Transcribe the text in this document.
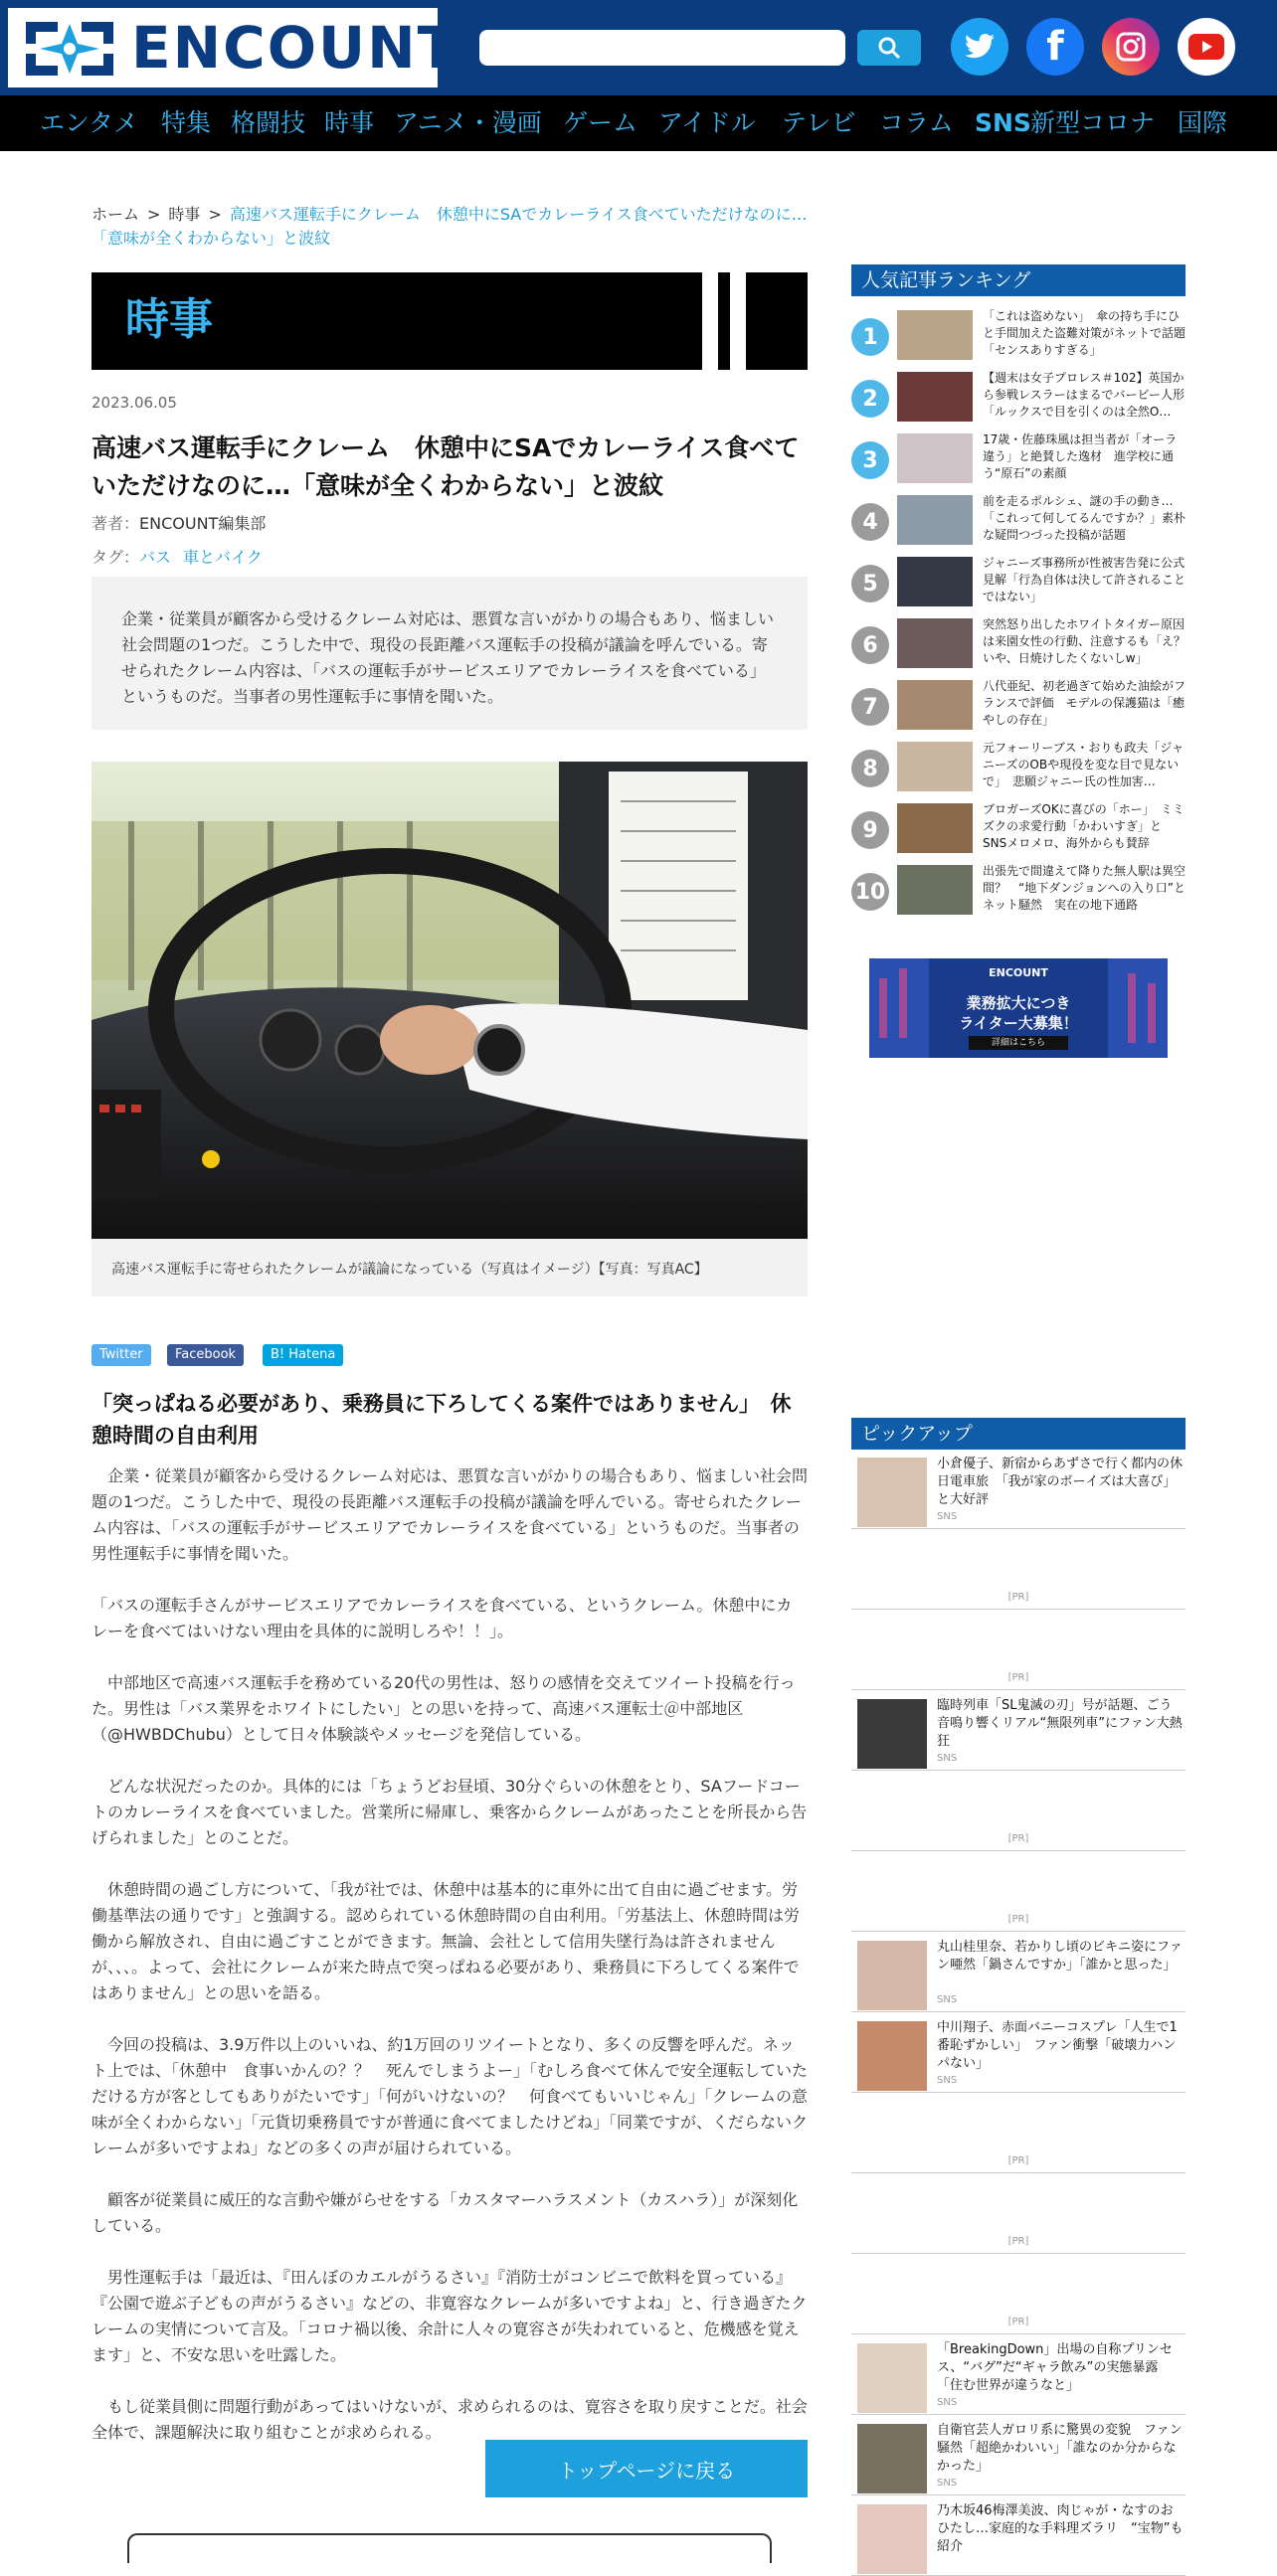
ENCOUNT	f
エンタメ 特集 格闘技 時事 アニメ・漫画 ゲーム アイドル テレビ コラム SNS 新型コロナ 国際
ホーム > 時事 > 高速バス運転手にクレーム　休憩中にSAでカレーライス食べていただけなのに…「意味が全くわからない」と波紋
時事
2023.06.05
高速バス運転手にクレーム　休憩中にSAでカレーライス食べていただけなのに…「意味が全くわからない」と波紋
著者：ENCOUNT編集部
タグ：バス 車とバイク
企業・従業員が顧客から受けるクレーム対応は、悪質な言いがかりの場合もあり、悩ましい社会問題の1つだ。こうした中で、現役の長距離バス運転手の投稿が議論を呼んでいる。寄せられたクレーム内容は、「バスの運転手がサービスエリアでカレーライスを食べている」というものだ。当事者の男性運転手に事情を聞いた。
高速バス運転手に寄せられたクレームが議論になっている（写真はイメージ）【写真：写真AC】
Twitter	Facebook	B! Hatena
「突っぱねる必要があり、乗務員に下ろしてくる案件ではありません」　休憩時間の自由利用

　企業・従業員が顧客から受けるクレーム対応は、悪質な言いがかりの場合もあり、悩ましい社会問題の1つだ。こうした中で、現役の長距離バス運転手の投稿が議論を呼んでいる。寄せられたクレーム内容は、「バスの運転手がサービスエリアでカレーライスを食べている」というものだ。当事者の男性運転手に事情を聞いた。

「バスの運転手さんがサービスエリアでカレーライスを食べている、というクレーム。休憩中にカレーを食べてはいけない理由を具体的に説明しろや！！」。

　中部地区で高速バス運転手を務めている20代の男性は、怒りの感情を交えてツイート投稿を行った。男性は「バス業界をホワイトにしたい」との思いを持って、高速バス運転士＠中部地区（@HWBDChubu）として日々体験談やメッセージを発信している。

　どんな状況だったのか。具体的には「ちょうどお昼頃、30分ぐらいの休憩をとり、SAフードコートのカレーライスを食べていました。営業所に帰庫し、乗客からクレームがあったことを所長から告げられました」とのことだ。

　休憩時間の過ごし方について、「我が社では、休憩中は基本的に車外に出て自由に過ごせます。労働基準法の通りです」と強調する。認められている休憩時間の自由利用。「労基法上、休憩時間は労働から解放され、自由に過ごすことができます。無論、会社として信用失墜行為は許されませんが、、、。よって、会社にクレームが来た時点で突っぱねる必要があり、乗務員に下ろしてくる案件ではありません」との思いを語る。

　今回の投稿は、3.9万件以上のいいね、約1万回のリツイートとなり、多くの反響を呼んだ。ネット上では、「休憩中　食事いかんの？？　死んでしまうよー」「むしろ食べて休んで安全運転していただける方が客としてもありがたいです」「何がいけないの？　何食べてもいいじゃん」「クレームの意味が全くわからない」「元貨切乗務員ですが普通に食べてましたけどね」「同業ですが、くだらないクレームが多いですよね」などの多くの声が届けられている。

　顧客が従業員に威圧的な言動や嫌がらせをする「カスタマーハラスメント（カスハラ）」が深刻化している。

　男性運転手は「最近は、『田んぼのカエルがうるさい』『消防士がコンビニで飲料を買っている』『公園で遊ぶ子どもの声がうるさい』などの、非寛容なクレームが多いですよね」と、行き過ぎたクレームの実情について言及。「コロナ禍以後、余計に人々の寛容さが失われていると、危機感を覚えます」と、不安な思いを吐露した。

　もし従業員側に問題行動があってはいけないが、求められるのは、寛容さを取り戻すことだ。社会全体で、課題解決に取り組むことが求められる。

トップページに戻る
人気記事ランキング
1
「これは盗めない」　傘の持ち手にひと手間加えた盗難対策がネットで話題「センスありすぎる」
2
【週末は女子プロレス＃102】英国から参戦レスラーはまるでバービー人形「ルックスで目を引くのは全然O…
3
17歳・佐藤珠風は担当者が「オーラ違う」と絶賛した逸材　進学校に通う“原石”の素顔
4
前を走るポルシェ、謎の手の動き…「これって何してるんですか？」素朴な疑問つづった投稿が話題
5
ジャニーズ事務所が性被害告発に公式見解「行為自体は決して許されることではない」
6
突然怒り出したホワイトタイガー原因は来園女性の行動、注意するも「え？いや、日焼けしたくないしw」
7
八代亜紀、初老過ぎて始めた油絵がフランスで評価　モデルの保護猫は「癒やしの存在」
8
元フォーリーブス・おりも政夫「ジャニーズのOBや現役を変な目で見ないで」　悲願ジャニー氏の性加害…
9
ブロガーズOKに喜びの「ホー」　ミミズクの求愛行動「かわいすぎ」とSNSメロメロ、海外からも賛辞
10
出張先で間違えて降りた無人駅は異空間？　“地下ダンジョンへの入り口”とネット騒然　実在の地下通路
ENCOUNT
業務拡大につき
ライター大募集！
詳細はこちら
ピックアップ
小倉優子、新宿からあずさで行く都内の休日電車旅　「我が家のボーイズは大喜び」と大好評
SNS
[PR]
[PR]
臨時列車「SL鬼滅の刃」号が話題、ごう音鳴り響くリアル“無限列車”にファン大熱狂
SNS
[PR]
[PR]
丸山桂里奈、若かりし頃のビキニ姿にファン唖然「鍋さんですか」「誰かと思った」
SNS
中川翔子、赤面バニーコスプレ「人生で1番恥ずかしい」　ファン衝撃「破壊力ハンパない」
SNS
[PR]
[PR]
[PR]
「BreakingDown」出場の自称プリンセス、“バグ”だ“ギャラ飲み”の実態暴露「住む世界が違うなと」
SNS
自衛官芸人ガロリ系に驚異の変貌　ファン騒然「超絶かわいい」「誰なのか分からなかった」
SNS
乃木坂46梅澤美波、肉じゃが・なすのおひたし…家庭的な手料理ズラリ　“宝物”も紹介
